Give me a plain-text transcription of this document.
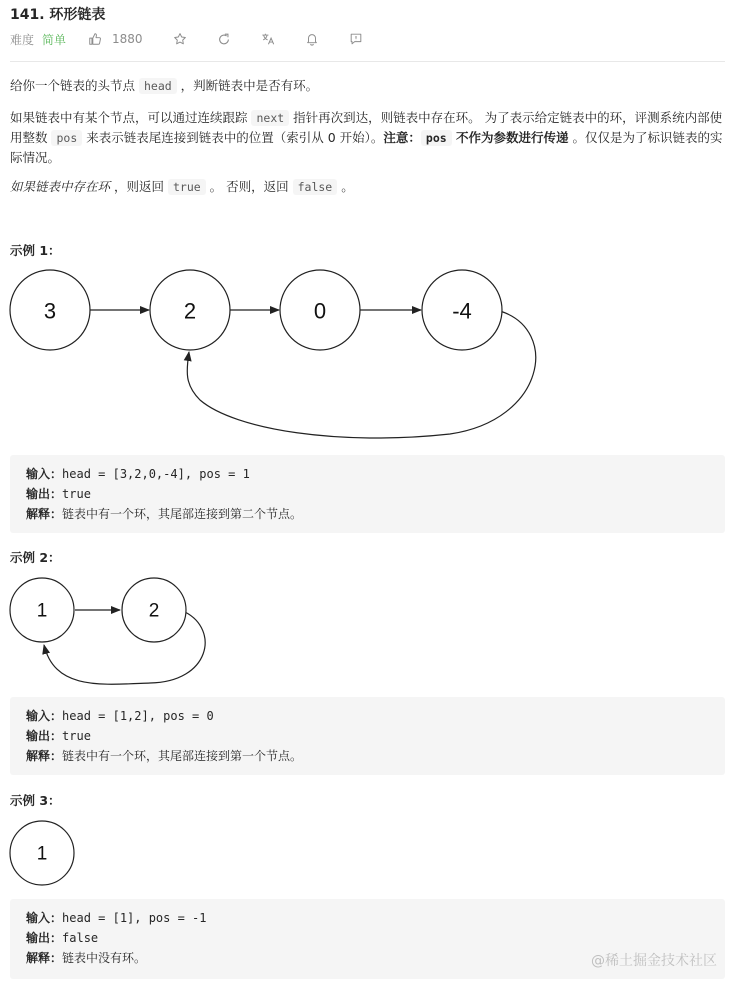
141. 环形链表
难度 简单	1880
给你一个链表的头节点 head ，判断链表中是否有环。
如果链表中有某个节点，可以通过连续跟踪 next 指针再次到达，则链表中存在环。 为了表示给定链表中的环，评测系统内部使用整数 pos 来表示链表尾连接到链表中的位置（索引从 0 开始）。注意： pos 不作为参数进行传递 。仅仅是为了标识链表的实际情况。
如果链表中存在环 ，则返回 true 。 否则，返回 false 。
示例 1：
3	2	0	-4
1	2
1
输入：head = [3,2,0,-4], pos = 1
输出：true
解释：链表中有一个环，其尾部连接到第二个节点。
示例 2：
输入：head = [1,2], pos = 0
输出：true
解释：链表中有一个环，其尾部连接到第一个节点。
示例 3：
输入：head = [1], pos = -1
输出：false
解释：链表中没有环。	@稀土掘金技术社区
